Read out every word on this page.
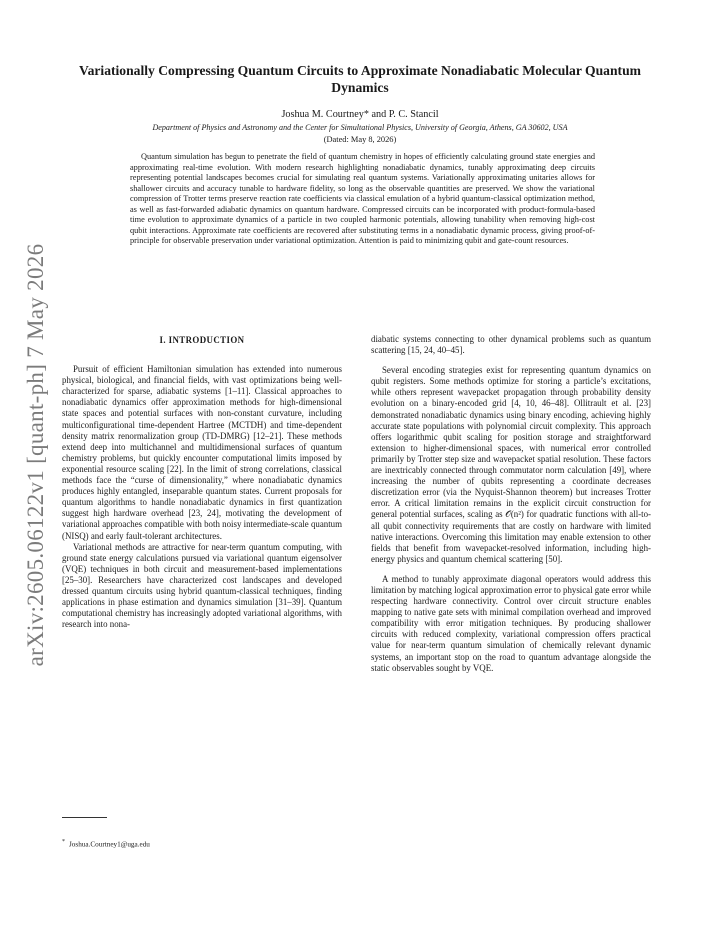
arXiv:2605.06122v1 [quant-ph] 7 May 2026
Variationally Compressing Quantum Circuits to Approximate Nonadiabatic Molecular Quantum Dynamics
Joshua M. Courtney* and P. C. Stancil
Department of Physics and Astronomy and the Center for Simultational Physics, University of Georgia, Athens, GA 30602, USA
(Dated: May 8, 2026)

Quantum simulation has begun to penetrate the field of quantum chemistry in hopes of efficiently calculating ground state energies and approximating real-time evolution. With modern research highlighting nonadiabatic dynamics, tunably approximating deep circuits representing potential landscapes becomes crucial for simulating real quantum systems. Variationally approximating unitaries allows for shallower circuits and accuracy tunable to hardware fidelity, so long as the observable quantities are preserved. We show the variational compression of Trotter terms preserve reaction rate coefficients via classical emulation of a hybrid quantum-classical optimization method, as well as fast-forwarded adiabatic dynamics on quantum hardware. Compressed circuits can be incorporated with product-formula-based time evolution to approximate dynamics of a particle in two coupled harmonic potentials, allowing tunability when removing high-cost qubit interactions. Approximate rate coefficients are recovered after substituting terms in a nonadiabatic dynamic process, giving proof-of-principle for observable preservation under variational optimization. Attention is paid to minimizing qubit and gate-count resources.

I. INTRODUCTION

Pursuit of efficient Hamiltonian simulation has extended into numerous physical, biological, and financial fields, with vast optimizations being well-characterized for sparse, adiabatic systems [1–11]. Classical approaches to nonadiabatic dynamics offer approximation methods for high-dimensional state spaces and potential surfaces with non-constant curvature, including multiconfigurational time-dependent Hartree (MCTDH) and time-dependent density matrix renormalization group (TD-DMRG) [12–21]. These methods extend deep into multichannel and multidimensional surfaces of quantum chemistry problems, but quickly encounter computational limits imposed by exponential resource scaling [22]. In the limit of strong correlations, classical methods face the “curse of dimensionality,” where nonadiabatic dynamics produces highly entangled, inseparable quantum states. Current proposals for quantum algorithms to handle nonadiabatic dynamics in first quantization suggest high hardware overhead [23, 24], motivating the development of variational approaches compatible with both noisy intermediate-scale quantum (NISQ) and early fault-tolerant architectures.

Variational methods are attractive for near-term quantum computing, with ground state energy calculations pursued via variational quantum eigensolver (VQE) techniques in both circuit and measurement-based implementations [25–30]. Researchers have characterized cost landscapes and developed dressed quantum circuits using hybrid quantum-classical techniques, finding applications in phase estimation and dynamics simulation [31–39]. Quantum computational chemistry has increasingly adopted variational algorithms, with research into nona-

diabatic systems connecting to other dynamical problems such as quantum scattering [15, 24, 40–45].

Several encoding strategies exist for representing quantum dynamics on qubit registers. Some methods optimize for storing a particle’s excitations, while others represent wavepacket propagation through probability density evolution on a binary-encoded grid [4, 10, 46–48]. Ollitrault et al. [23] demonstrated nonadiabatic dynamics using binary encoding, achieving highly accurate state populations with polynomial circuit complexity. This approach offers logarithmic qubit scaling for position storage and straightforward extension to higher-dimensional spaces, with numerical error controlled primarily by Trotter step size and wavepacket spatial resolution. These factors are inextricably connected through commutator norm calculation [49], where increasing the number of qubits representing a coordinate decreases discretization error (via the Nyquist-Shannon theorem) but increases Trotter error. A critical limitation remains in the explicit circuit construction for general potential surfaces, scaling as 𝒪(n²) for quadratic functions with all-to-all qubit connectivity requirements that are costly on hardware with limited native interactions. Overcoming this limitation may enable extension to other fields that benefit from wavepacket-resolved information, including high-energy physics and quantum chemical scattering [50].

A method to tunably approximate diagonal operators would address this limitation by matching logical approximation error to physical gate error while respecting hardware connectivity. Control over circuit structure enables mapping to native gate sets with minimal compilation overhead and improved compatibility with error mitigation techniques. By producing shallower circuits with reduced complexity, variational compression offers practical value for near-term quantum simulation of chemically relevant dynamic systems, an important stop on the road to quantum advantage alongside the static observables sought by VQE.

* Joshua.Courtney1@uga.edu
